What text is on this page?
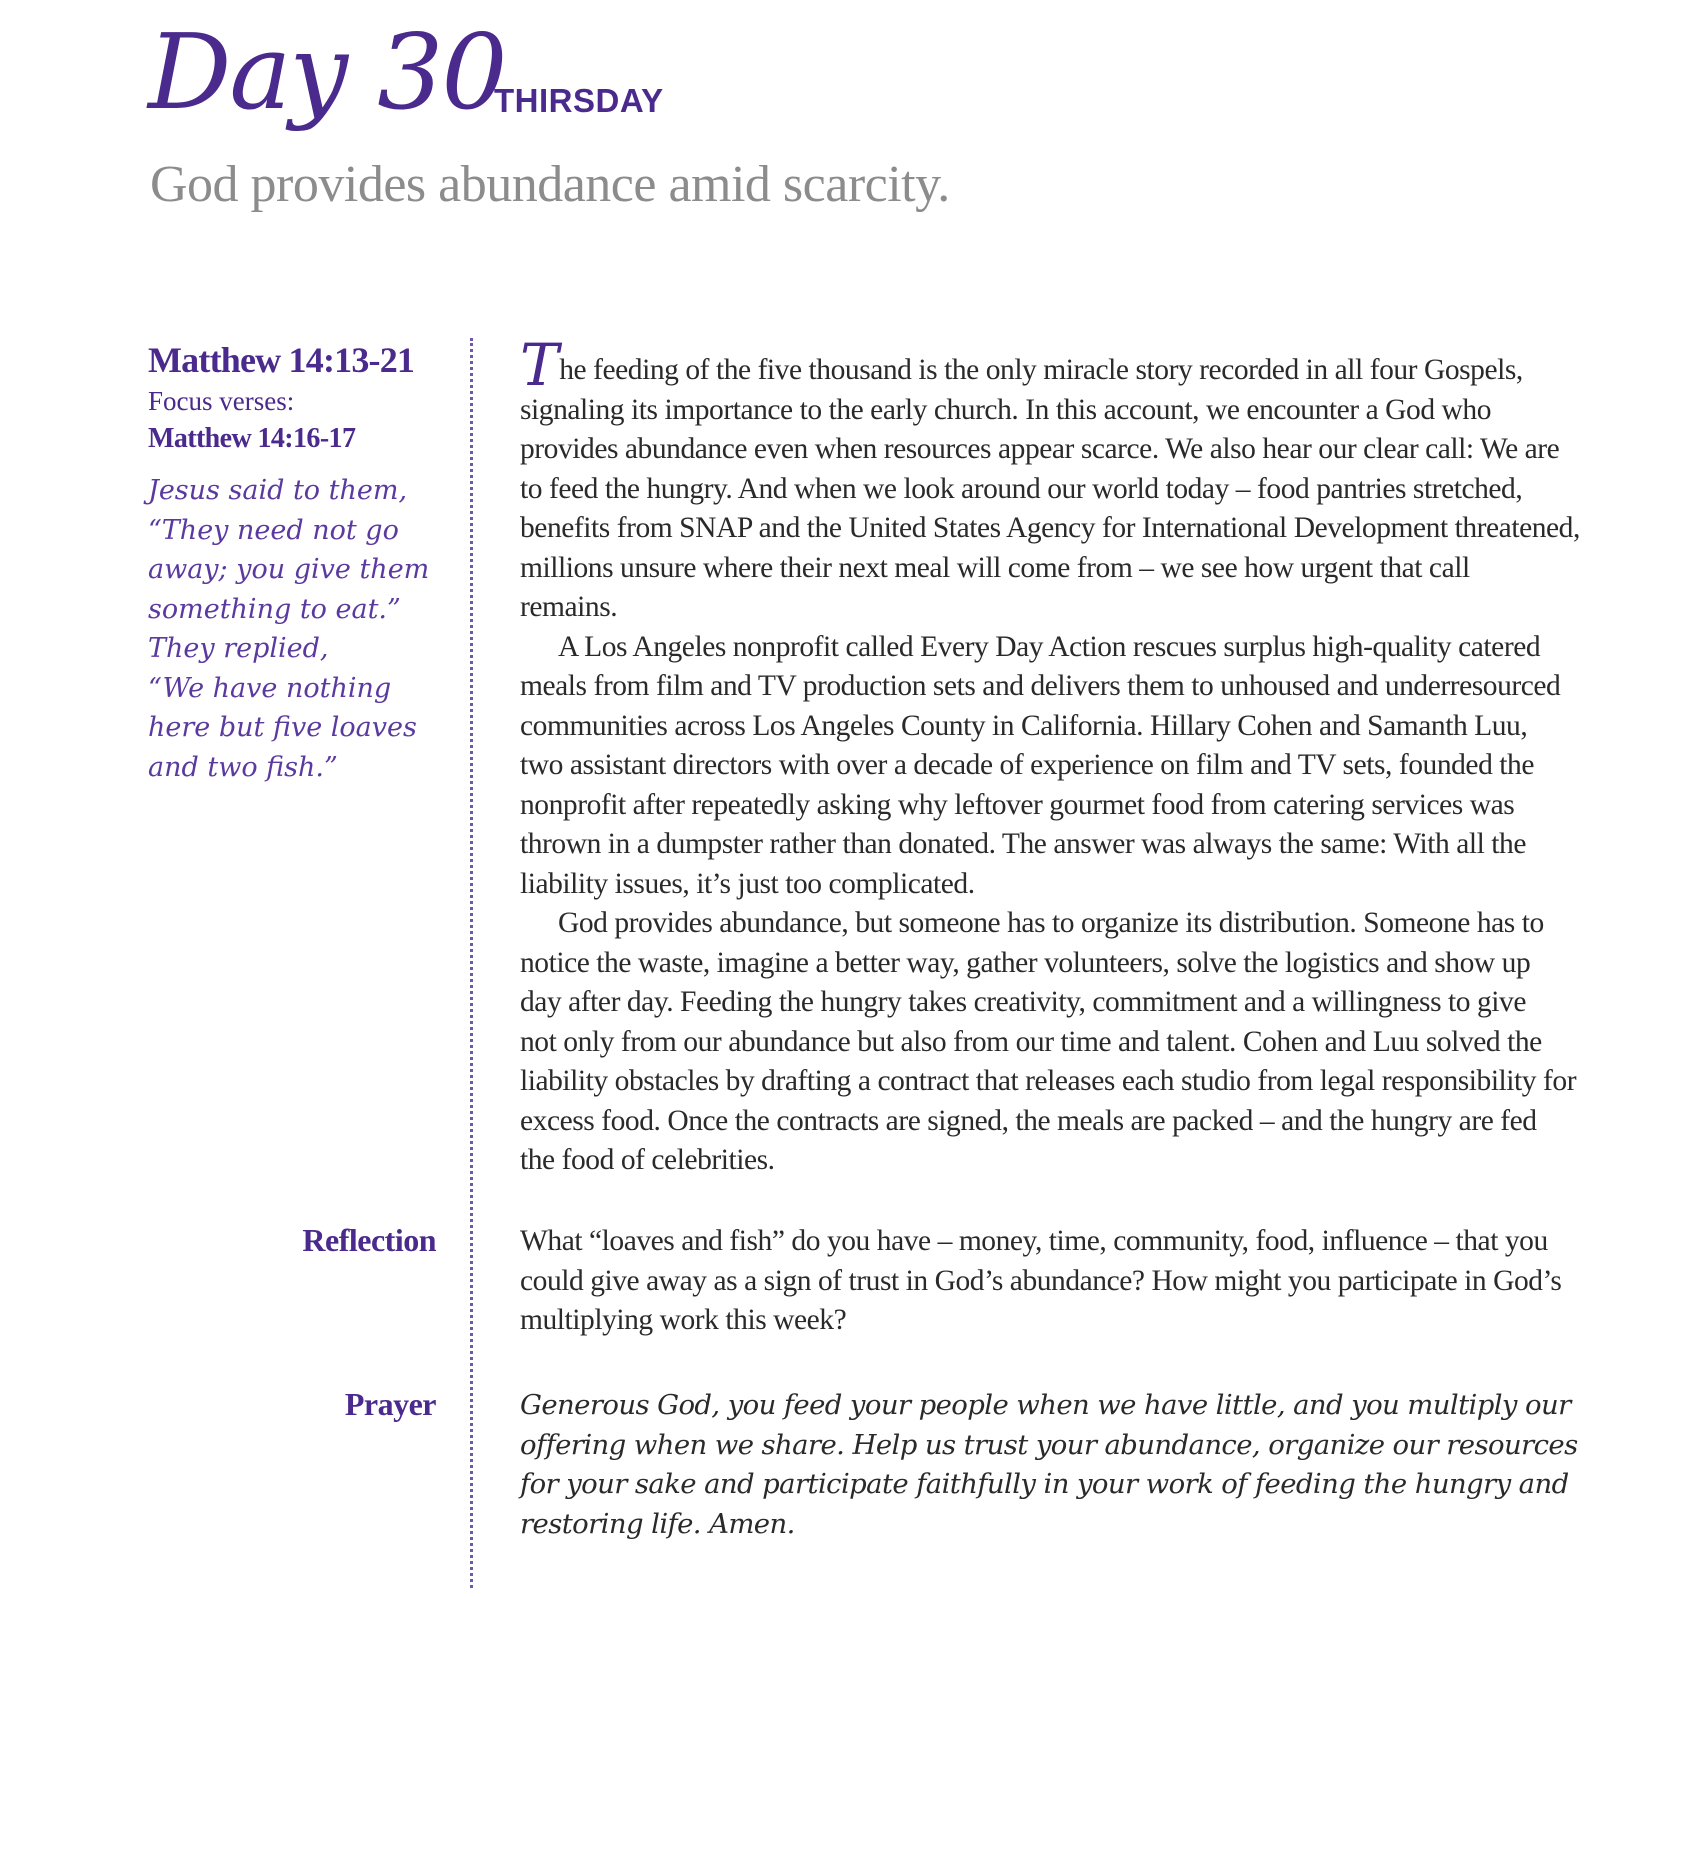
Day 30
THIRSDAY
God provides abundance amid scarcity.
Matthew 14:13-21
Focus verses:
Matthew 14:16-17
Jesus said to them,
“They need not go
away; you give them
something to eat.”
They replied,
“We have nothing
here but five loaves
and two fish.”
Reflection
Prayer
The feeding of the five thousand is the only miracle story recorded in all four Gospels,
signaling its importance to the early church. In this account, we encounter a God who
provides abundance even when resources appear scarce. We also hear our clear call: We are
to feed the hungry. And when we look around our world today – food pantries stretched,
benefits from SNAP and the United States Agency for International Development threatened,
millions unsure where their next meal will come from – we see how urgent that call
remains.
A Los Angeles nonprofit called Every Day Action rescues surplus high-quality catered
meals from film and TV production sets and delivers them to unhoused and underresourced
communities across Los Angeles County in California. Hillary Cohen and Samanth Luu,
two assistant directors with over a decade of experience on film and TV sets, founded the
nonprofit after repeatedly asking why leftover gourmet food from catering services was
thrown in a dumpster rather than donated. The answer was always the same: With all the
liability issues, it’s just too complicated.
God provides abundance, but someone has to organize its distribution. Someone has to
notice the waste, imagine a better way, gather volunteers, solve the logistics and show up
day after day. Feeding the hungry takes creativity, commitment and a willingness to give
not only from our abundance but also from our time and talent. Cohen and Luu solved the
liability obstacles by drafting a contract that releases each studio from legal responsibility for
excess food. Once the contracts are signed, the meals are packed – and the hungry are fed
the food of celebrities.
What “loaves and fish” do you have – money, time, community, food, influence – that you
could give away as a sign of trust in God’s abundance? How might you participate in God’s
multiplying work this week?
Generous God, you feed your people when we have little, and you multiply our
offering when we share. Help us trust your abundance, organize our resources
for your sake and participate faithfully in your work of feeding the hungry and
restoring life. Amen.
